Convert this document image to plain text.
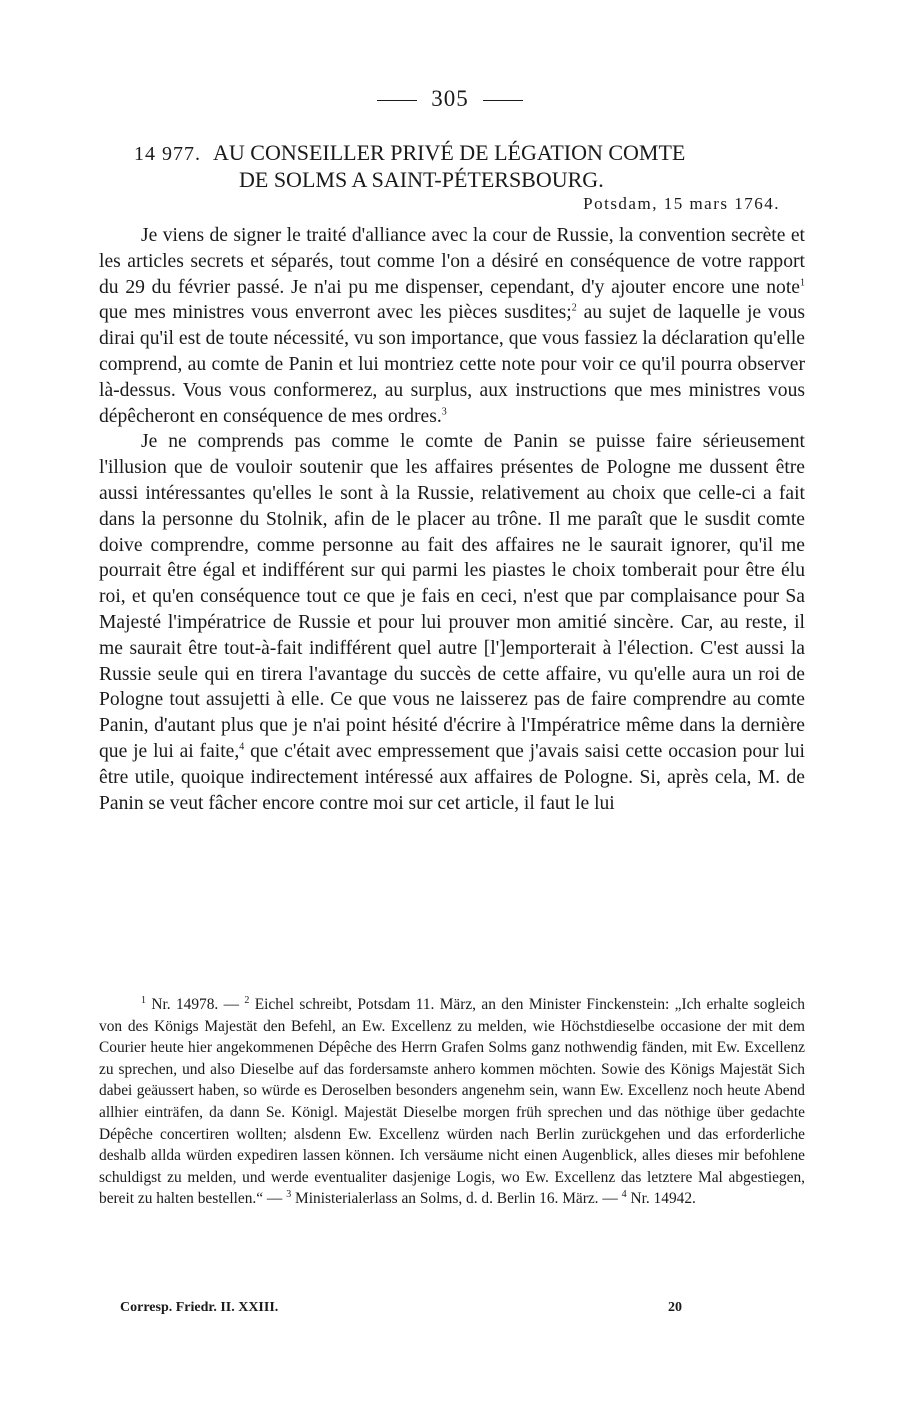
305
14 977. AU CONSEILLER PRIVÉ DE LÉGATION COMTE
DE SOLMS A SAINT-PÉTERSBOURG.
Potsdam, 15 mars 1764.

Je viens de signer le traité d'alliance avec la cour de Russie, la convention secrète et les articles secrets et séparés, tout comme l'on a désiré en conséquence de votre rapport du 29 du février passé. Je n'ai pu me dispenser, cependant, d'y ajouter encore une note$^1$ que mes ministres vous enverront avec les pièces susdites;$^2$ au sujet de laquelle je vous dirai qu'il est de toute nécessité, vu son importance, que vous fassiez la déclaration qu'elle comprend, au comte de Panin et lui montriez cette note pour voir ce qu'il pourra observer là-dessus. Vous vous conformerez, au surplus, aux instructions que mes ministres vous dépêcheront en conséquence de mes ordres.$^3$

Je ne comprends pas comme le comte de Panin se puisse faire sérieusement l'illusion que de vouloir soutenir que les affaires présentes de Pologne me dussent être aussi intéressantes qu'elles le sont à la Russie, relativement au choix que celle-ci a fait dans la personne du Stolnik, afin de le placer au trône. Il me paraît que le susdit comte doive comprendre, comme personne au fait des affaires ne le saurait ignorer, qu'il me pourrait être égal et indifférent sur qui parmi les piastes le choix tomberait pour être élu roi, et qu'en conséquence tout ce que je fais en ceci, n'est que par complaisance pour Sa Majesté l'impératrice de Russie et pour lui prouver mon amitié sincère. Car, au reste, il me saurait être tout-à-fait indifférent quel autre [l']emporterait à l'élection. C'est aussi la Russie seule qui en tirera l'avantage du succès de cette affaire, vu qu'elle aura un roi de Pologne tout assujetti à elle. Ce que vous ne laisserez pas de faire comprendre au comte Panin, d'autant plus que je n'ai point hésité d'écrire à l'Impératrice même dans la dernière que je lui ai faite,$^4$ que c'était avec empressement que j'avais saisi cette occasion pour lui être utile, quoique indirectement intéressé aux affaires de Pologne. Si, après cela, M. de Panin se veut fâcher encore contre moi sur cet article, il faut le lui

$^1$ Nr. 14978. — $^2$ Eichel schreibt, Potsdam 11. März, an den Minister Finckenstein: „Ich erhalte sogleich von des Königs Majestät den Befehl, an Ew. Excellenz zu melden, wie Höchstdieselbe occasione der mit dem Courier heute hier angekommenen Dépêche des Herrn Grafen Solms ganz nothwendig fänden, mit Ew. Excellenz zu sprechen, und also Dieselbe auf das fordersamste anhero kommen möchten. Sowie des Königs Majestät Sich dabei geäussert haben, so würde es Deroselben besonders angenehm sein, wann Ew. Excellenz noch heute Abend allhier einträfen, da dann Se. Königl. Majestät Dieselbe morgen früh sprechen und das nöthige über gedachte Dépêche concertiren wollten; alsdenn Ew. Excellenz würden nach Berlin zurückgehen und das erforderliche deshalb allda würden expediren lassen können. Ich versäume nicht einen Augenblick, alles dieses mir befohlene schuldigst zu melden, und werde eventualiter dasjenige Logis, wo Ew. Excellenz das letztere Mal abgestiegen, bereit zu halten bestellen.“ — $^3$ Ministerialerlass an Solms, d. d. Berlin 16. März. — $^4$ Nr. 14942.

Corresp. Friedr. II. XXIII.	20
